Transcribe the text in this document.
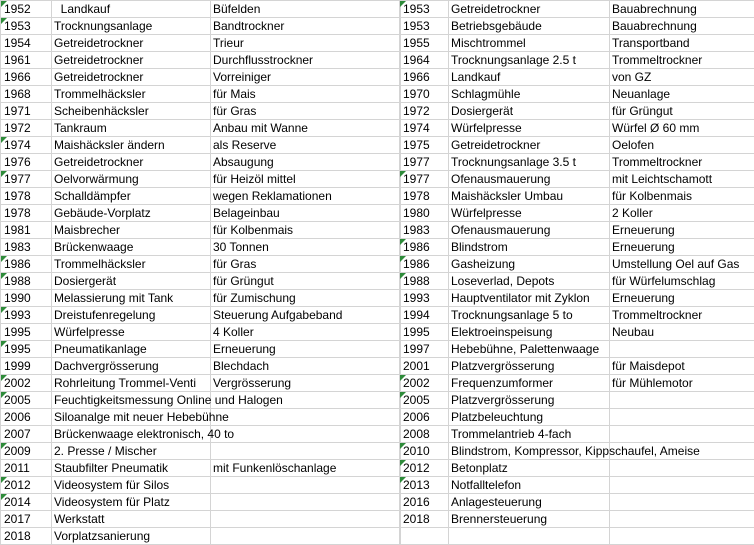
1952	Landkauf	Büfelden

1953	Trocknungsanlage	Bandtrockner
1954	Getreidetrockner	Trieur
1961	Getreidetrockner	Durchflusstrockner
1966	Getreidetrockner	Vorreiniger
1968	Trommelhäcksler	für Mais
1971	Scheibenhäcksler	für Gras
1972	Tankraum	Anbau mit Wanne

1974	Maishäcksler ändern	als Reserve
1976	Getreidetrockner	Absaugung

1977	Oelvorwärmung	für Heizöl mittel
1978	Schalldämpfer	wegen Reklamationen
1978	Gebäude-Vorplatz	Belageinbau
1981	Maisbrecher	für Kolbenmais
1983	Brückenwaage	30 Tonnen

1986	Trommelhäcksler	für Gras

1988	Dosiergerät	für Grüngut
1990	Melassierung mit Tank	für Zumischung

1993	Dreistufenregelung	Steuerung Aufgabeband
1995	Würfelpresse	4 Koller

1995	Pneumatikanlage	Erneuerung
1999	Dachvergrösserung	Blechdach

2002	Rohrleitung Trommel-Venti	Vergrösserung

2005	Feuchtigkeitsmessung Online und Halogen	
2006	Siloanalge mit neuer Hebebühne	
2007	Brückenwaage elektronisch, 40 to	

2009	2. Presse / Mischer	
2011	Staubfilter Pneumatik	mit Funkenlöschanlage

2012	Videosystem für Silos	

2014	Videosystem für Platz	
2017	Werkstatt	
2018	Vorplatzsanierung	
1953	Getreidetrockner	Bauabrechnung
1953	Betriebsgebäude	Bauabrechnung
1955	Mischtrommel	Transportband
1964	Trocknungsanlage 2.5 t	Trommeltrockner
1966	Landkauf	von GZ
1970	Schlagmühle	Neuanlage
1972	Dosiergerät	für Grüngut
1974	Würfelpresse	Würfel Ø 60 mm
1975	Getreidetrockner	Oelofen
1977	Trocknungsanlage 3.5 t	Trommeltrockner

1977	Ofenausmauerung	mit Leichtschamott
1978	Maishäcksler Umbau	für Kolbenmais
1980	Würfelpresse	2 Koller
1983	Ofenausmauerung	Erneuerung

1986	Blindstrom	Erneuerung

1986	Gasheizung	Umstellung Oel auf Gas

1988	Loseverlad, Depots	für Würfelumschlag
1993	Hauptventilator mit Zyklon	Erneuerung
1994	Trocknungsanlage 5 to	Trommeltrockner
1995	Elektroeinspeisung	Neubau
1997	Hebebühne, Palettenwaage	
2001	Platzvergrösserung	für Maisdepot

2002	Frequenzumformer	für Mühlemotor

2005	Platzvergrösserung	
2006	Platzbeleuchtung	
2008	Trommelantrieb 4-fach	

2010	Blindstrom, Kompressor, Kippschaufel, Ameise	

2012	Betonplatz	

2013	Notfalltelefon	
2016	Anlagesteuerung	
2018	Brennersteuerung	
